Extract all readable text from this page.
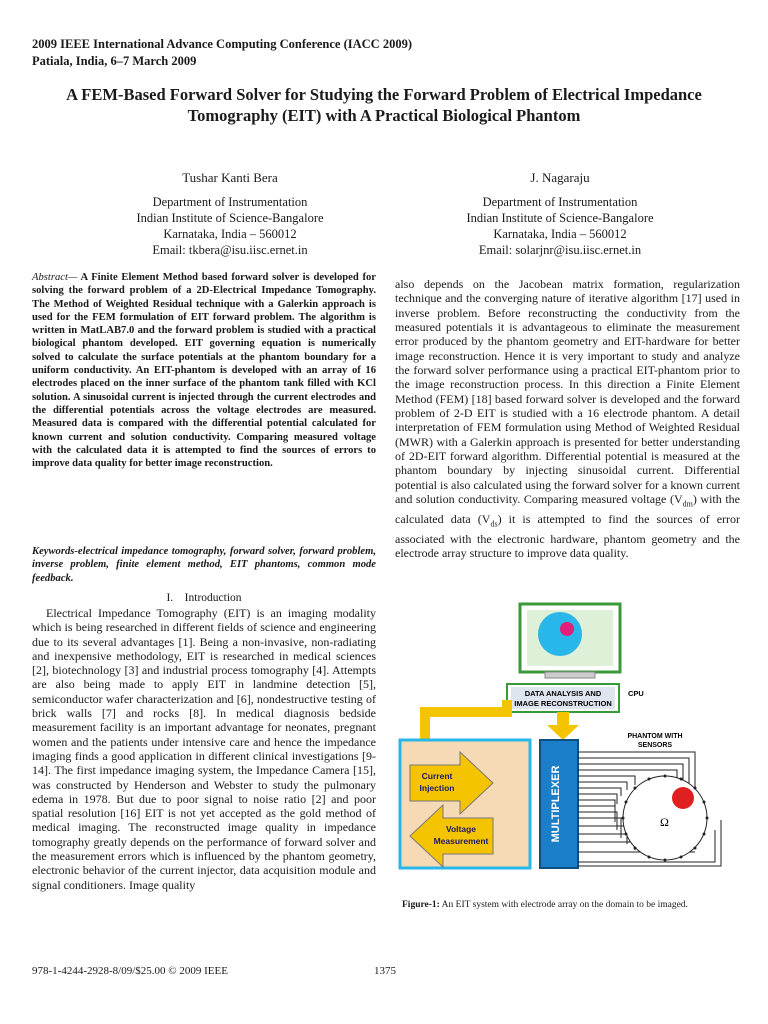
2009 IEEE International Advance Computing Conference (IACC 2009)
Patiala, India, 6–7 March 2009
A FEM-Based Forward Solver for Studying the Forward Problem of Electrical Impedance Tomography (EIT) with A Practical Biological Phantom
Tushar Kanti Bera
Department of Instrumentation
Indian Institute of Science-Bangalore
Karnataka, India – 560012
Email: tkbera@isu.iisc.ernet.in
J. Nagaraju
Department of Instrumentation
Indian Institute of Science-Bangalore
Karnataka, India – 560012
Email: solarjnr@isu.iisc.ernet.in
Abstract— A Finite Element Method based forward solver is developed for solving the forward problem of a 2D-Electrical Impedance Tomography. The Method of Weighted Residual technique with a Galerkin approach is used for the FEM formulation of EIT forward problem. The algorithm is written in MatLAB7.0 and the forward problem is studied with a practical biological phantom developed. EIT governing equation is numerically solved to calculate the surface potentials at the phantom boundary for a uniform conductivity. An EIT-phantom is developed with an array of 16 electrodes placed on the inner surface of the phantom tank filled with KCl solution. A sinusoidal current is injected through the current electrodes and the differential potentials across the voltage electrodes are measured. Measured data is compared with the differential potential calculated for known current and solution conductivity. Comparing measured voltage with the calculated data it is attempted to find the sources of errors to improve data quality for better image reconstruction.
Keywords-electrical impedance tomography, forward solver, forward problem, inverse problem, finite element method, EIT phantoms, common mode feedback.
I. Introduction
Electrical Impedance Tomography (EIT) is an imaging modality which is being researched in different fields of science and engineering due to its several advantages [1]. Being a non-invasive, non-radiating and inexpensive methodology, EIT is researched in medical sciences [2], biotechnology [3] and industrial process tomography [4]. Attempts are also being made to apply EIT in landmine detection [5], semiconductor wafer characterization and [6], nondestructive testing of brick walls [7] and rocks [8]. In medical diagnosis bedside measurement facility is an important advantage for neonates, pregnant women and the patients under intensive care and hence the impedance imaging finds a good application in different clinical investigations [9-14]. The first impedance imaging system, the Impedance Camera [15], was constructed by Henderson and Webster to study the pulmonary edema in 1978. But due to poor signal to noise ratio [2] and poor spatial resolution [16] EIT is not yet accepted as the gold method of medical imaging. The reconstructed image quality in impedance tomography greatly depends on the performance of forward solver and the measurement errors which is influenced by the phantom geometry, electronic behavior of the current injector, data acquisition module and signal conditioners. Image quality
also depends on the Jacobean matrix formation, regularization technique and the converging nature of iterative algorithm [17] used in inverse problem. Before reconstructing the conductivity from the measured potentials it is advantageous to eliminate the measurement error produced by the phantom geometry and EIT-hardware for better image reconstruction. Hence it is very important to study and analyze the forward solver performance using a practical EIT-phantom prior to the image reconstruction process. In this direction a Finite Element Method (FEM) [18] based forward solver is developed and the forward problem of 2-D EIT is studied with a 16 electrode phantom. A detail interpretation of FEM formulation using Method of Weighted Residual (MWR) with a Galerkin approach is presented for better understanding of 2D-EIT forward algorithm. Differential potential is measured at the phantom boundary by injecting sinusoidal current. Differential potential is also calculated using the forward solver for a known current and solution conductivity. Comparing measured voltage $(V_{dm})$ with the calculated data $(V_{ds})$ it is attempted to find the sources of error associated with the electronic hardware, phantom geometry and the electrode array structure to improve data quality.
DATA ANALYSIS AND
IMAGE RECONSTRUCTION
CPU
Current
Injection
Voltage
Measurement	MULTIPLEXER
PHANTOM WITH
SENSORS
Ω
Figure-1: An EIT system with electrode array on the domain to be imaged.
978-1-4244-2928-8/09/$25.00 © 2009 IEEE	1375
